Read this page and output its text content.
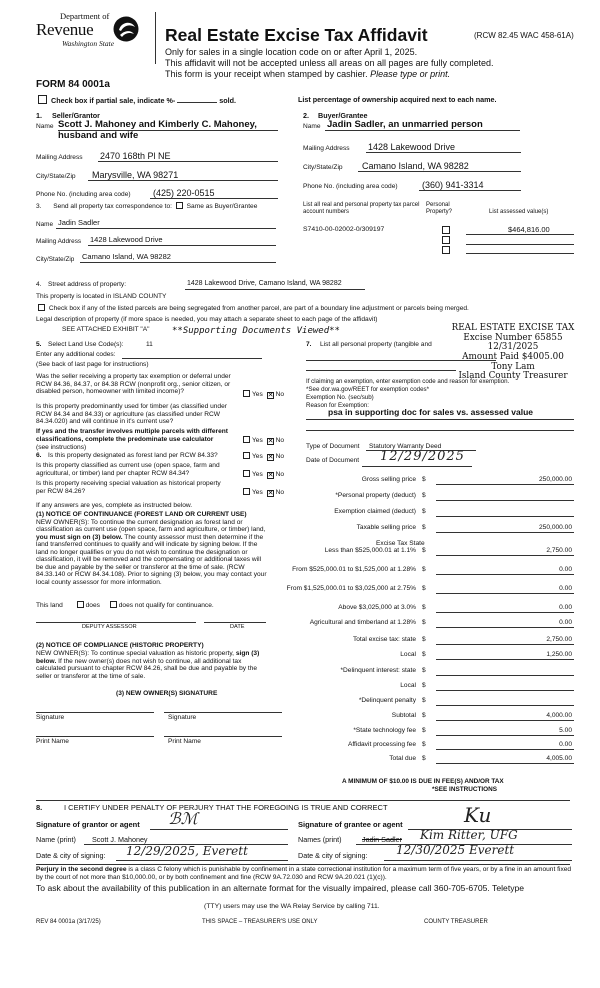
Department of
Revenue
Washington State	Real Estate Excise Tax Affidavit	(RCW 82.45 WAC 458-61A)
Only for sales in a single location code on or after April 1, 2025.
This affidavit will not be accepted unless all areas on all pages are fully completed.
This form is your receipt when stamped by cashier. Please type or print.
FORM 84 0001a
Check box if partial sale, indicate %-	sold.	List percentage of ownership acquired next to each name.
1. Seller/Grantor
Name Scott J. Mahoney and Kimberly C. Mahoney, husband and wife
Mailing Address 2470 168th Pl NE
City/State/Zip Marysville, WA 98271
Phone No. (including area code) (425) 220-0515
2. Buyer/Grantee
Name Jadin Sadler, an unmarried person
Mailing Address 1428 Lakewood Drive
City/State/Zip Camano Island, WA 98282
Phone No. (including area code)	(360) 941-3314
3. Send all property tax correspondence to: Same as Buyer/Grantee
Name Jadin Sadler
Mailing Address 1428 Lakewood Drive
City/State/Zip Camano Island, WA 98282
List all real and personal property tax parcel account numbers
Personal Property?	List assessed value(s)
S7410-00-02002-0/309197	$464,816.00
4. Street address of property:	1428 Lakewood Drive, Camano Island, WA 98282
This property is located in ISLAND COUNTY
Check box if any of the listed parcels are being segregated from another parcel, are part of a boundary line adjustment or parcels being merged.
Legal description of property (if more space is needed, you may attach a separate sheet to each page of the affidavit)
SEE ATTACHED EXHIBIT "A"	**Supporting Documents Viewed**
5. Select Land Use Code(s):	11
Enter any additional codes:
(See back of last page for instructions)
Was the seller receiving a property tax exemption or deferral under RCW 84.36, 84.37, or 84.38 RCW (nonprofit org., senior citizen, or disabled person, homeowner with limited income)?	Yes ✕ No
Is this property predominantly used for timber (as classified under RCW 84.34 and 84.33) or agriculture (as classified under RCW 84.34.020) and will continue in it's current use?
If yes and the transfer involves multiple parcels with different classifications, complete the predominate use calculator
(see instructions)
Yes ✕ No
6. Is this property designated as forest land per RCW 84.33?	Yes ✕ No
Is this property classified as current use (open space, farm and agricultural, or timber) land per chapter RCW 84.34?	Yes ✕ No
Is this property receiving special valuation as historical property per RCW 84.26?	Yes ✕ No
If any answers are yes, complete as instructed below.
(1) NOTICE OF CONTINUANCE (FOREST LAND OR CURRENT USE)
NEW OWNER(S): To continue the current designation as forest land or classification as current use (open space, farm and agriculture, or timber) land, you must sign on (3) below. The county assessor must then determine if the land transferred continues to qualify and will indicate by signing below. If the land no longer qualifies or you do not wish to continue the designation or classification, it will be removed and the compensating or additional taxes will be due and payable by the seller or transferor at the time of sale. (RCW 84.33.140 or RCW 84.34.108). Prior to signing (3) below, you may contact your local county assessor for more information.
This land	does	does not qualify for continuance.
DEPUTY ASSESSOR	DATE
(2) NOTICE OF COMPLIANCE (HISTORIC PROPERTY)
NEW OWNER(S): To continue special valuation as historic property, sign (3) below. If the new owner(s) does not wish to continue, all additional tax calculated pursuant to chapter RCW 84.26, shall be due and payable by the seller or transferor at the time of sale.
(3) NEW OWNER(S) SIGNATURE
Signature	Signature
Print Name	Print Name
7. List all personal property (tangible and
If claiming an exemption, enter exemption code and reason for exemption.
*See dor.wa.gov/REET for exemption codes*
Exemption No. (sec/sub)
Reason for Exemption:
psa in supporting doc for sales vs. assessed value
Type of Document Statutory Warranty Deed
Date of Document 12/29/2025
REAL ESTATE EXCISE TAX
Excise Number 65855
12/31/2025
Amount Paid $4005.00
Tony Lam
Island County Treasurer
Gross selling price $	250,000.00
*Personal property (deduct) $
Exemption claimed (deduct) $
Taxable selling price $	250,000.00
Less than $525,000.01 at 1.1% $	2,750.00
From $525,000.01 to $1,525,000 at 1.28% $	0.00
From $1,525,000.01 to $3,025,000 at 2.75% $	0.00
Above $3,025,000 at 3.0% $	0.00
Agricultural and timberland at 1.28% $	0.00
Total excise tax: state $	2,750.00
Local $	1,250.00
*Delinquent interest: state $
Local $
*Delinquent penalty $
Subtotal $	4,000.00
*State technology fee $	5.00
Affidavit processing fee $	0.00
Total due $	4,005.00
Excise Tax State
A MINIMUM OF $10.00 IS DUE IN FEE(S) AND/OR TAX
*SEE INSTRUCTIONS
8.	I CERTIFY UNDER PENALTY OF PERJURY THAT THE FOREGOING IS TRUE AND CORRECT
Signature of grantor or agent ℬℳ	Signature of grantee or agent	Ku
Name (print) Scott J. Mahoney	Names (print)	Jadin Sadler Kim Ritter, UFG
Date & city of signing: 12/29/2025, Everett	Date & city of signing: 12/30/2025 Everett
Perjury in the second degree is a class C felony which is punishable by confinement in a state correctional institution for a maximum term of five years, or by a fine in an amount fixed by the court of not more than $10,000.00, or by both confinement and fine (RCW 9A.72.030 and RCW 9A.20.021 (1)(c)).
To ask about the availability of this publication in an alternate format for the visually impaired, please call 360-705-6705. Teletype
(TTY) users may use the WA Relay Service by calling 711.
REV 84 0001a (3/17/25)	THIS SPACE – TREASURER'S USE ONLY	COUNTY TREASURER
